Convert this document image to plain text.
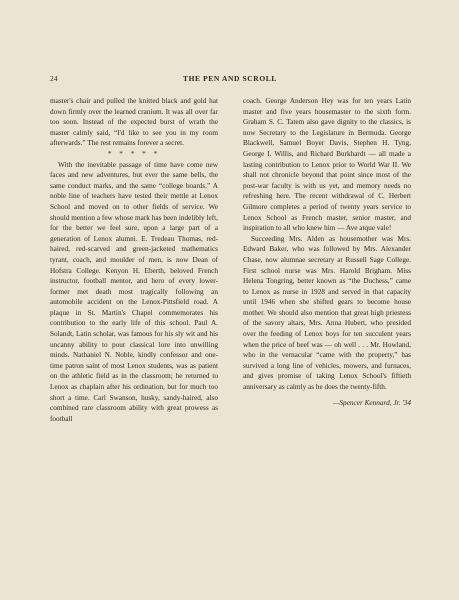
24	THE PEN AND SCROLL

master's chair and pulled the knitted black and gold hat down firmly over the learned cranium. It was all over far too soon. Instead of the expected burst of wrath the master calmly said, “I'd like to see you in my room afterwards.” The rest remains forever a secret.

* * * * *

With the inevitable passage of time have come new faces and new adventures, but ever the same bells, the same conduct marks, and the same “college boards.” A noble line of teachers have tested their mettle at Lenox School and moved on to other fields of service. We should mention a few whose mark has been indelibly left, for the better we feel sure, upon a large part of a generation of Lenox alumni. E. Tredeau Thomas, red-haired, red-scarved and green-jacketed mathematics tyrant, coach, and moulder of men, is now Dean of Hofstra College. Kenyon H. Eberth, beloved French instructor, football mentor, and hero of every lower-former met death most tragically following an automobile accident on the Lenox-Pittsfield road. A plaque in St. Martin's Chapel commemorates his contribution to the early life of this school. Paul A. Solandt, Latin scholar, was famous for his sly wit and his uncanny ability to pour classical lore into unwilling minds. Nathaniel N. Noble, kindly confessor and one-time patron saint of most Lenox students, was as patient on the athletic field as in the classroom; he returned to Lenox as chaplain after his ordination, but for much too short a time. Carl Swanson, husky, sandy-haired, also combined rare classroom ability with great prowess as football

coach. George Anderson Hey was for ten years Latin master and five years housemaster to the sixth form. Graham S. C. Tatem also gave dignity to the classics, is now Secretary to the Legislature in Bermuda. George Blackwell, Samuel Boyer Davis, Stephen H. Tyng, George I. Willis, and Richard Burkhardt — all made a lasting contribution to Lenox prior to World War II. We shall not chronicle beyond that point since most of the post-war faculty is with us yet, and memory needs no refreshing here. The recent withdrawal of C. Herbert Gilmore completes a period of twenty years service to Lenox School as French master, senior master, and inspiration to all who knew him — Ave atque vale!

Succeeding Mrs. Alden as housemother was Mrs. Edward Baker, who was followed by Mrs. Alexander Chase, now alumnae secretary at Russell Sage College. First school nurse was Mrs. Harold Brigham. Miss Helena Tongring, better known as “the Duchess,” came to Lenox as nurse in 1928 and served in that capacity until 1946 when she shifted gears to become house mother. We should also mention that great high priestess of the savory altars, Mrs. Anna Hubert, who presided over the feeding of Lenox boys for ten succulent years when the price of beef was — oh well . . . Mr. Howland, who in the vernacular “came with the property,” has survived a long line of vehicles, mowers, and furnaces, and gives promise of taking Lenox School's fiftieth anniversary as calmly as he does the twenty-fifth.

—Spencer Kennard, Jr. '34
